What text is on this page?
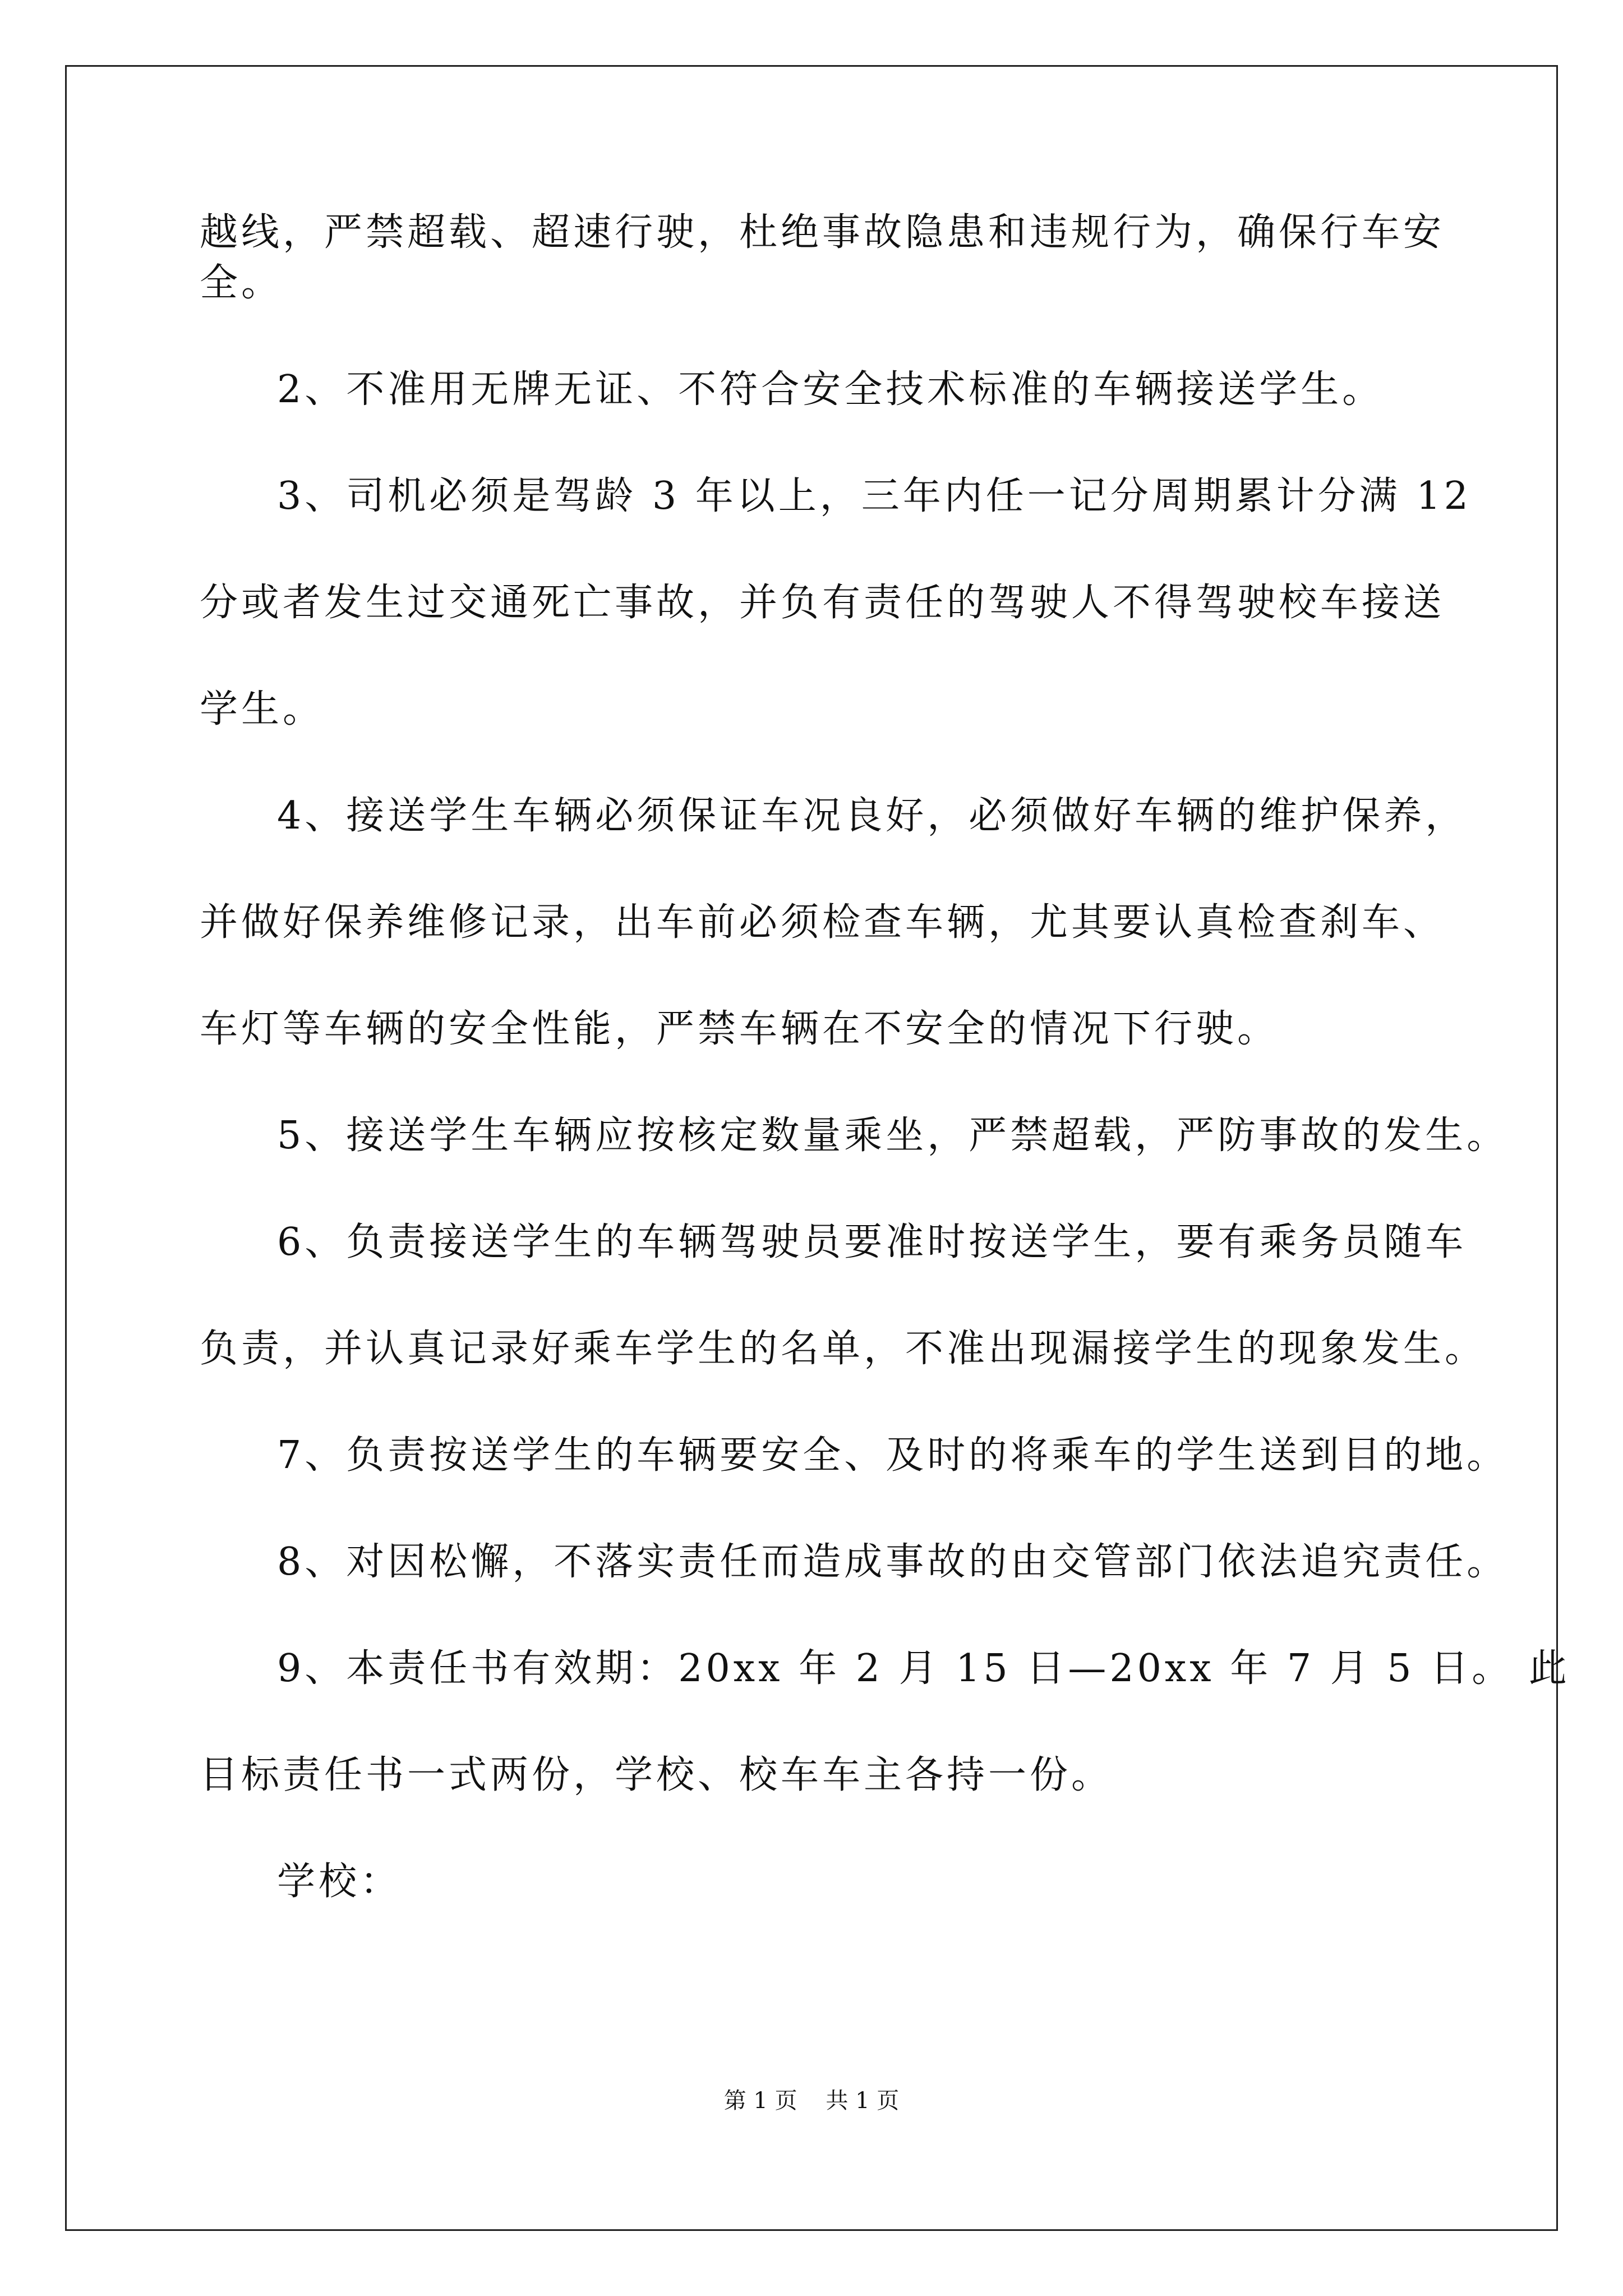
越线，严禁超载、超速行驶，杜绝事故隐患和违规行为，确保行车安

全。

2、不准用无牌无证、不符合安全技术标准的车辆接送学生。

3、司机必须是驾龄 3 年以上，三年内任一记分周期累计分满 12

分或者发生过交通死亡事故，并负有责任的驾驶人不得驾驶校车接送

学生。

4、接送学生车辆必须保证车况良好，必须做好车辆的维护保养，

并做好保养维修记录，出车前必须检查车辆，尤其要认真检查刹车、

车灯等车辆的安全性能，严禁车辆在不安全的情况下行驶。

5、接送学生车辆应按核定数量乘坐，严禁超载，严防事故的发生。

6、负责接送学生的车辆驾驶员要准时按送学生，要有乘务员随车

负责，并认真记录好乘车学生的名单，不准出现漏接学生的现象发生。

7、负责按送学生的车辆要安全、及时的将乘车的学生送到目的地。

8、对因松懈，不落实责任而造成事故的由交管部门依法追究责任。

9、本责任书有效期：20xx 年 2 月 15 日—20xx 年 7 月 5 日。 此

目标责任书一式两份，学校、校车车主各持一份。

学校：

第 1 页    共 1 页
